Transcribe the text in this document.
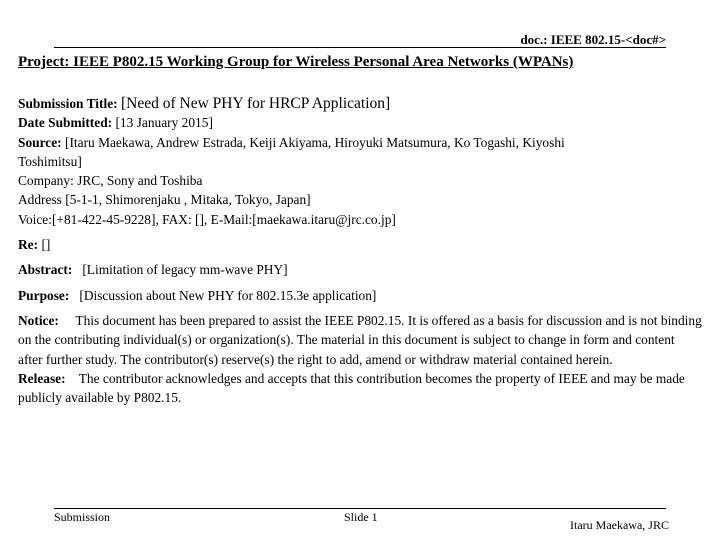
doc.: IEEE 802.15-<doc#>
Project: IEEE P802.15 Working Group for Wireless Personal Area Networks (WPANs)
Submission Title: [Need of New PHY for HRCP Application]
Date Submitted: [13 January 2015]
Source: [Itaru Maekawa, Andrew Estrada, Keiji Akiyama, Hiroyuki Matsumura, Ko Togashi, Kiyoshi
Toshimitsu]
Company: JRC, Sony and Toshiba
Address [5-1-1, Shimorenjaku , Mitaka, Tokyo, Japan]
Voice:[+81-422-45-9228], FAX: [], E-Mail:[maekawa.itaru@jrc.co.jp]
Re: []
Abstract: [Limitation of legacy mm-wave PHY]
Purpose: [Discussion about New PHY for 802.15.3e application]
Notice: This document has been prepared to assist the IEEE P802.15. It is offered as a basis for discussion and is not binding on the contributing individual(s) or organization(s). The material in this document is subject to change in form and content after further study. The contributor(s) reserve(s) the right to add, amend or withdraw material contained herein.
Release: The contributor acknowledges and accepts that this contribution becomes the property of IEEE and may be made publicly available by P802.15.
Submission	Slide 1
Itaru Maekawa, JRC
